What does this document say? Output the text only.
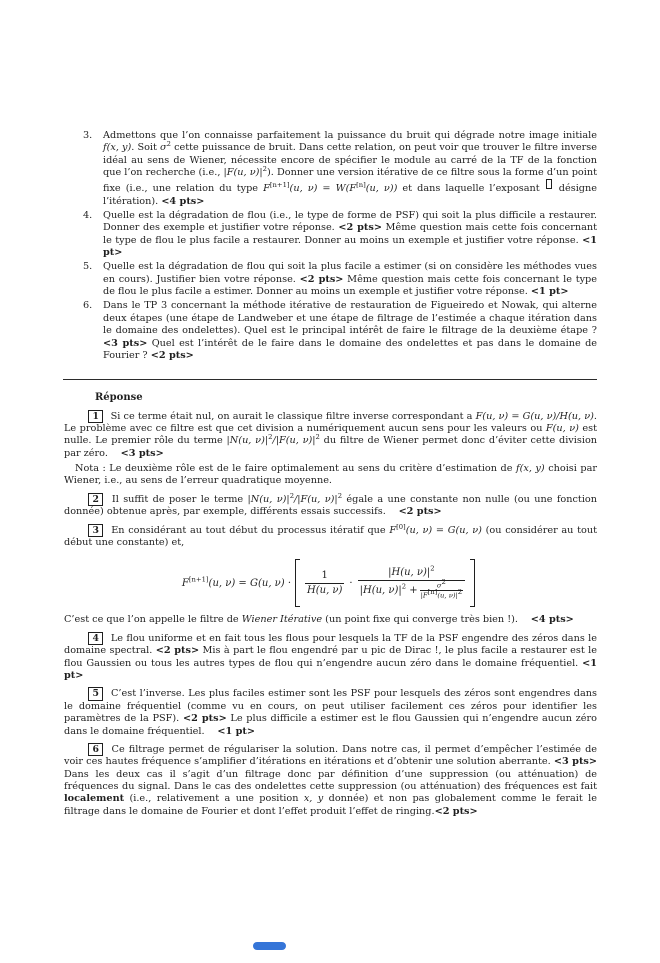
3. Admettons que l’on connaisse parfaitement la puissance du bruit qui dégrade notre image initiale f(x, y). Soit $\sigma^2$ cette puissance de bruit. Dans cette relation, on peut voir que trouver le filtre inverse idéal au sens de Wiener, nécessite encore de spécifier le module au carré de la TF de la fonction que l’on recherche (i.e., |F(u, $\nu)|^2$). Donner une version itérative de ce filtre sous la forme d’un point fixe (i.e., une relation du type F[n+1](u, ν) = W(F[n](u, ν)) et dans laquelle l’exposant  désigne l’itération). <4 pts>
4. Quelle est la dégradation de flou (i.e., le type de forme de PSF) qui soit la plus difficile a restaurer. Donner des exemple et justifier votre réponse. <2 pts> Même question mais cette fois concernant le type de flou le plus facile a restaurer. Donner au moins un exemple et justifier votre réponse. <1 pt>
5. Quelle est la dégradation de flou qui soit la plus facile a estimer (si on considère les méthodes vues en cours). Justifier bien votre réponse. <2 pts> Même question mais cette fois concernant le type de flou le plus facile a estimer. Donner au moins un exemple et justifier votre réponse. <1 pt>
6. Dans le TP 3 concernant la méthode itérative de restauration de Figueiredo et Nowak, qui alterne deux étapes (une étape de Landweber et une étape de filtrage de l’estimée a chaque itération dans le domaine des ondelettes). Quel est le principal intérêt de faire le filtrage de la deuxième étape ? <3 pts> Quel est l’intérêt de le faire dans le domaine des ondelettes et pas dans le domaine de Fourier ? <2 pts>
Réponse

1 Si ce terme était nul, on aurait le classique filtre inverse correspondant a F(u, ν) = G(u, ν)/H(u, ν). Le problème avec ce filtre est que cet division a numériquement aucun sens pour les valeurs ou F(u, ν) est nulle. Le premier rôle du terme |N(u, $\nu)|^2/|F(u$, $\nu)|^2$ du filtre de Wiener permet donc d’éviter cette division par zéro.  <3 pts>

Nota : Le deuxième rôle est de le faire optimalement au sens du critère d’estimation de f(x, y) choisi par Wiener, i.e., au sens de l’erreur quadratique moyenne.

2 Il suffit de poser le terme |N(u, $\nu)|^2/|F(u$, $\nu)|^2$ égale a une constante non nulle (ou une fonction donnée) obtenue après, par exemple, différents essais successifs.  <2 pts>

3 En considérant au tout début du processus itératif que F[0](u, ν) = G(u, ν) (ou considérer au tout début une constante) et,

F[n+1](u, ν) = G(u, $\nu) \cdot \frac{1}{H(u, \nu)}$ ·
|H(u, $\nu)|^2$
|H(u, $\nu)|^2 + \frac{\sigma 2}{|F[n](u, \nu)|2}$

C’est ce que l’on appelle le filtre de Wiener Itérative (un point fixe qui converge très bien !).  <4 pts>

4 Le flou uniforme et en fait tous les flous pour lesquels la TF de la PSF engendre des zéros dans le domaine spectral. <2 pts> Mis à part le flou engendré par u pic de Dirac !, le plus facile a restaurer est le flou Gaussien ou tous les autres types de flou qui n’engendre aucun zéro dans le domaine fréquentiel. <1 pt>

5 C’est l’inverse. Les plus faciles estimer sont les PSF pour lesquels des zéros sont engendres dans le domaine fréquentiel (comme vu en cours, on peut utiliser facilement ces zéros pour identifier les paramètres de la PSF). <2 pts> Le plus difficile a estimer est le flou Gaussien qui n’engendre aucun zéro dans le domaine fréquentiel.  <1 pt>

6 Ce filtrage permet de régulariser la solution. Dans notre cas, il permet d’empêcher l’estimée de voir ces hautes fréquence s’amplifier d’itérations en itérations et d’obtenir une solution aberrante. <3 pts> Dans les deux cas il s’agit d’un filtrage donc par définition d’une suppression (ou atténuation) de fréquences du signal. Dans le cas des ondelettes cette suppression (ou atténuation) des fréquences est fait localement (i.e., relativement a une position x, y donnée) et non pas globalement comme le ferait le filtrage dans le domaine de Fourier et dont l’effet produit l’effet de ringing.<2 pts>
